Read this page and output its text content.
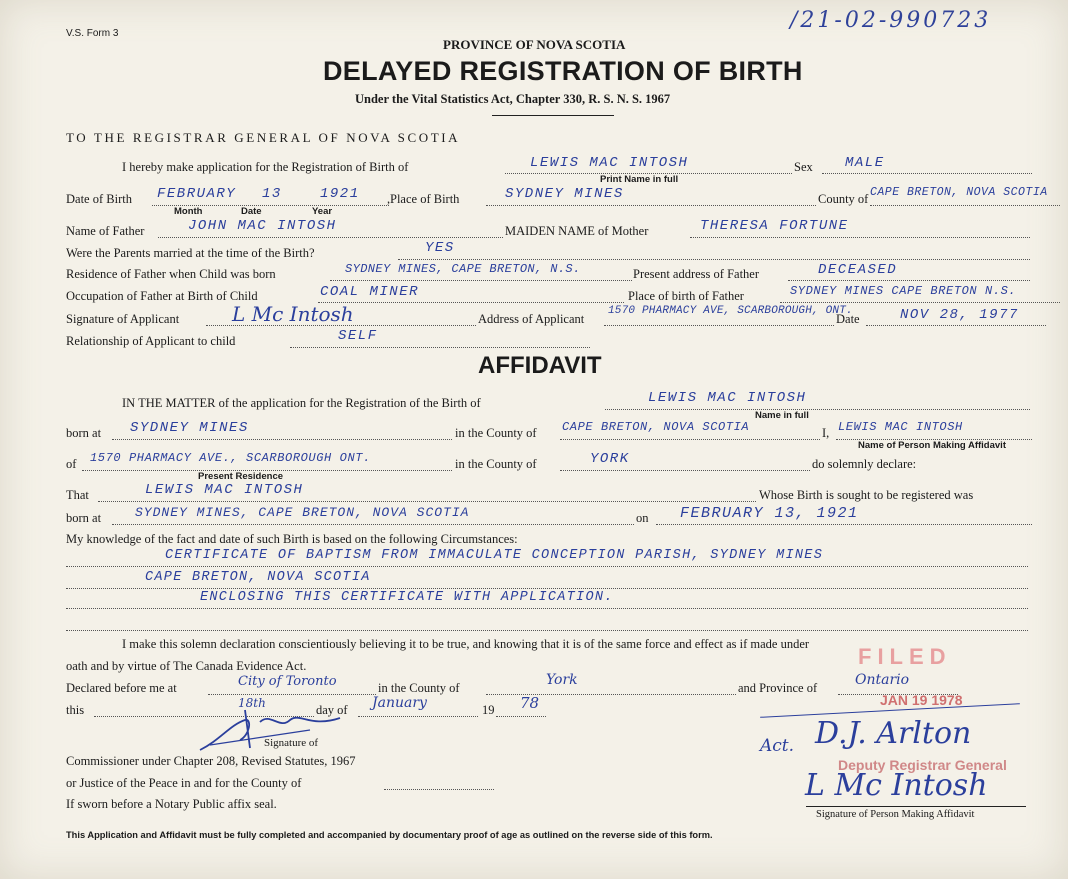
V.S. Form 3
/21-02-990723
PROVINCE OF NOVA SCOTIA
DELAYED REGISTRATION OF BIRTH
Under the Vital Statistics Act, Chapter 330, R. S. N. S. 1967
TO THE REGISTRAR GENERAL OF NOVA SCOTIA
I hereby make application for the Registration of Birth of	LEWIS MAC INTOSH	Sex MALE
Print Name in full
Date of Birth FEBRUARY 13	1921
Month	Date	Year
Place of Birth
,	SYDNEY MINES	County of CAPE BRETON, NOVA SCOTIA
Name of Father	JOHN MAC INTOSH	MAIDEN NAME of Mother	THERESA FORTUNE
Were the Parents married at the time of the Birth?	YES
Residence of Father when Child was born	SYDNEY MINES, CAPE BRETON, N.S.	Present address of Father	DECEASED
Occupation of Father at Birth of Child	COAL MINER	Place of birth of Father	SYDNEY MINES CAPE BRETON N.S.
Signature of Applicant	L Mc Intosh	Address of Applicant
1570 PHARMACY AVE, SCARBOROUGH, ONT.
Date	NOV 28, 1977
Relationship of Applicant to child	SELF
AFFIDAVIT
IN THE MATTER of the application for the Registration of the Birth of	LEWIS MAC INTOSH
Name in full
born at SYDNEY MINES	in the County of CAPE BRETON, NOVA SCOTIA	I, LEWIS MAC INTOSH
Name of Person Making Affidavit
of 1570 PHARMACY AVE., SCARBOROUGH ONT.
Present Residence
in the County of	YORK	do solemnly declare:
That	LEWIS MAC INTOSH	Whose Birth is sought to be registered was
born at	SYDNEY MINES, CAPE BRETON, NOVA SCOTIA	on FEBRUARY 13, 1921
My knowledge of the fact and date of such Birth is based on the following Circumstances:
CERTIFICATE OF BAPTISM FROM IMMACULATE CONCEPTION PARISH, SYDNEY MINES
CAPE BRETON, NOVA SCOTIA
ENCLOSING THIS CERTIFICATE WITH APPLICATION.
I make this solemn declaration conscientiously believing it to be true, and knowing that it is of the same force and effect as if made under
oath and by virtue of The Canada Evidence Act.
Declared before me at	City of Toronto	in the County of	York	and Province of	Ontario
this	18th	day of January	19 78
Signature of
Commissioner under Chapter 208, Revised Statutes, 1967
or Justice of the Peace in and for the County of
If sworn before a Notary Public affix seal.
FILED
JAN 19 1978
Act. D.J. Arlton
Deputy Registrar General
L Mc Intosh
Signature of Person Making Affidavit
This Application and Affidavit must be fully completed and accompanied by documentary proof of age as outlined on the reverse side of this form.
